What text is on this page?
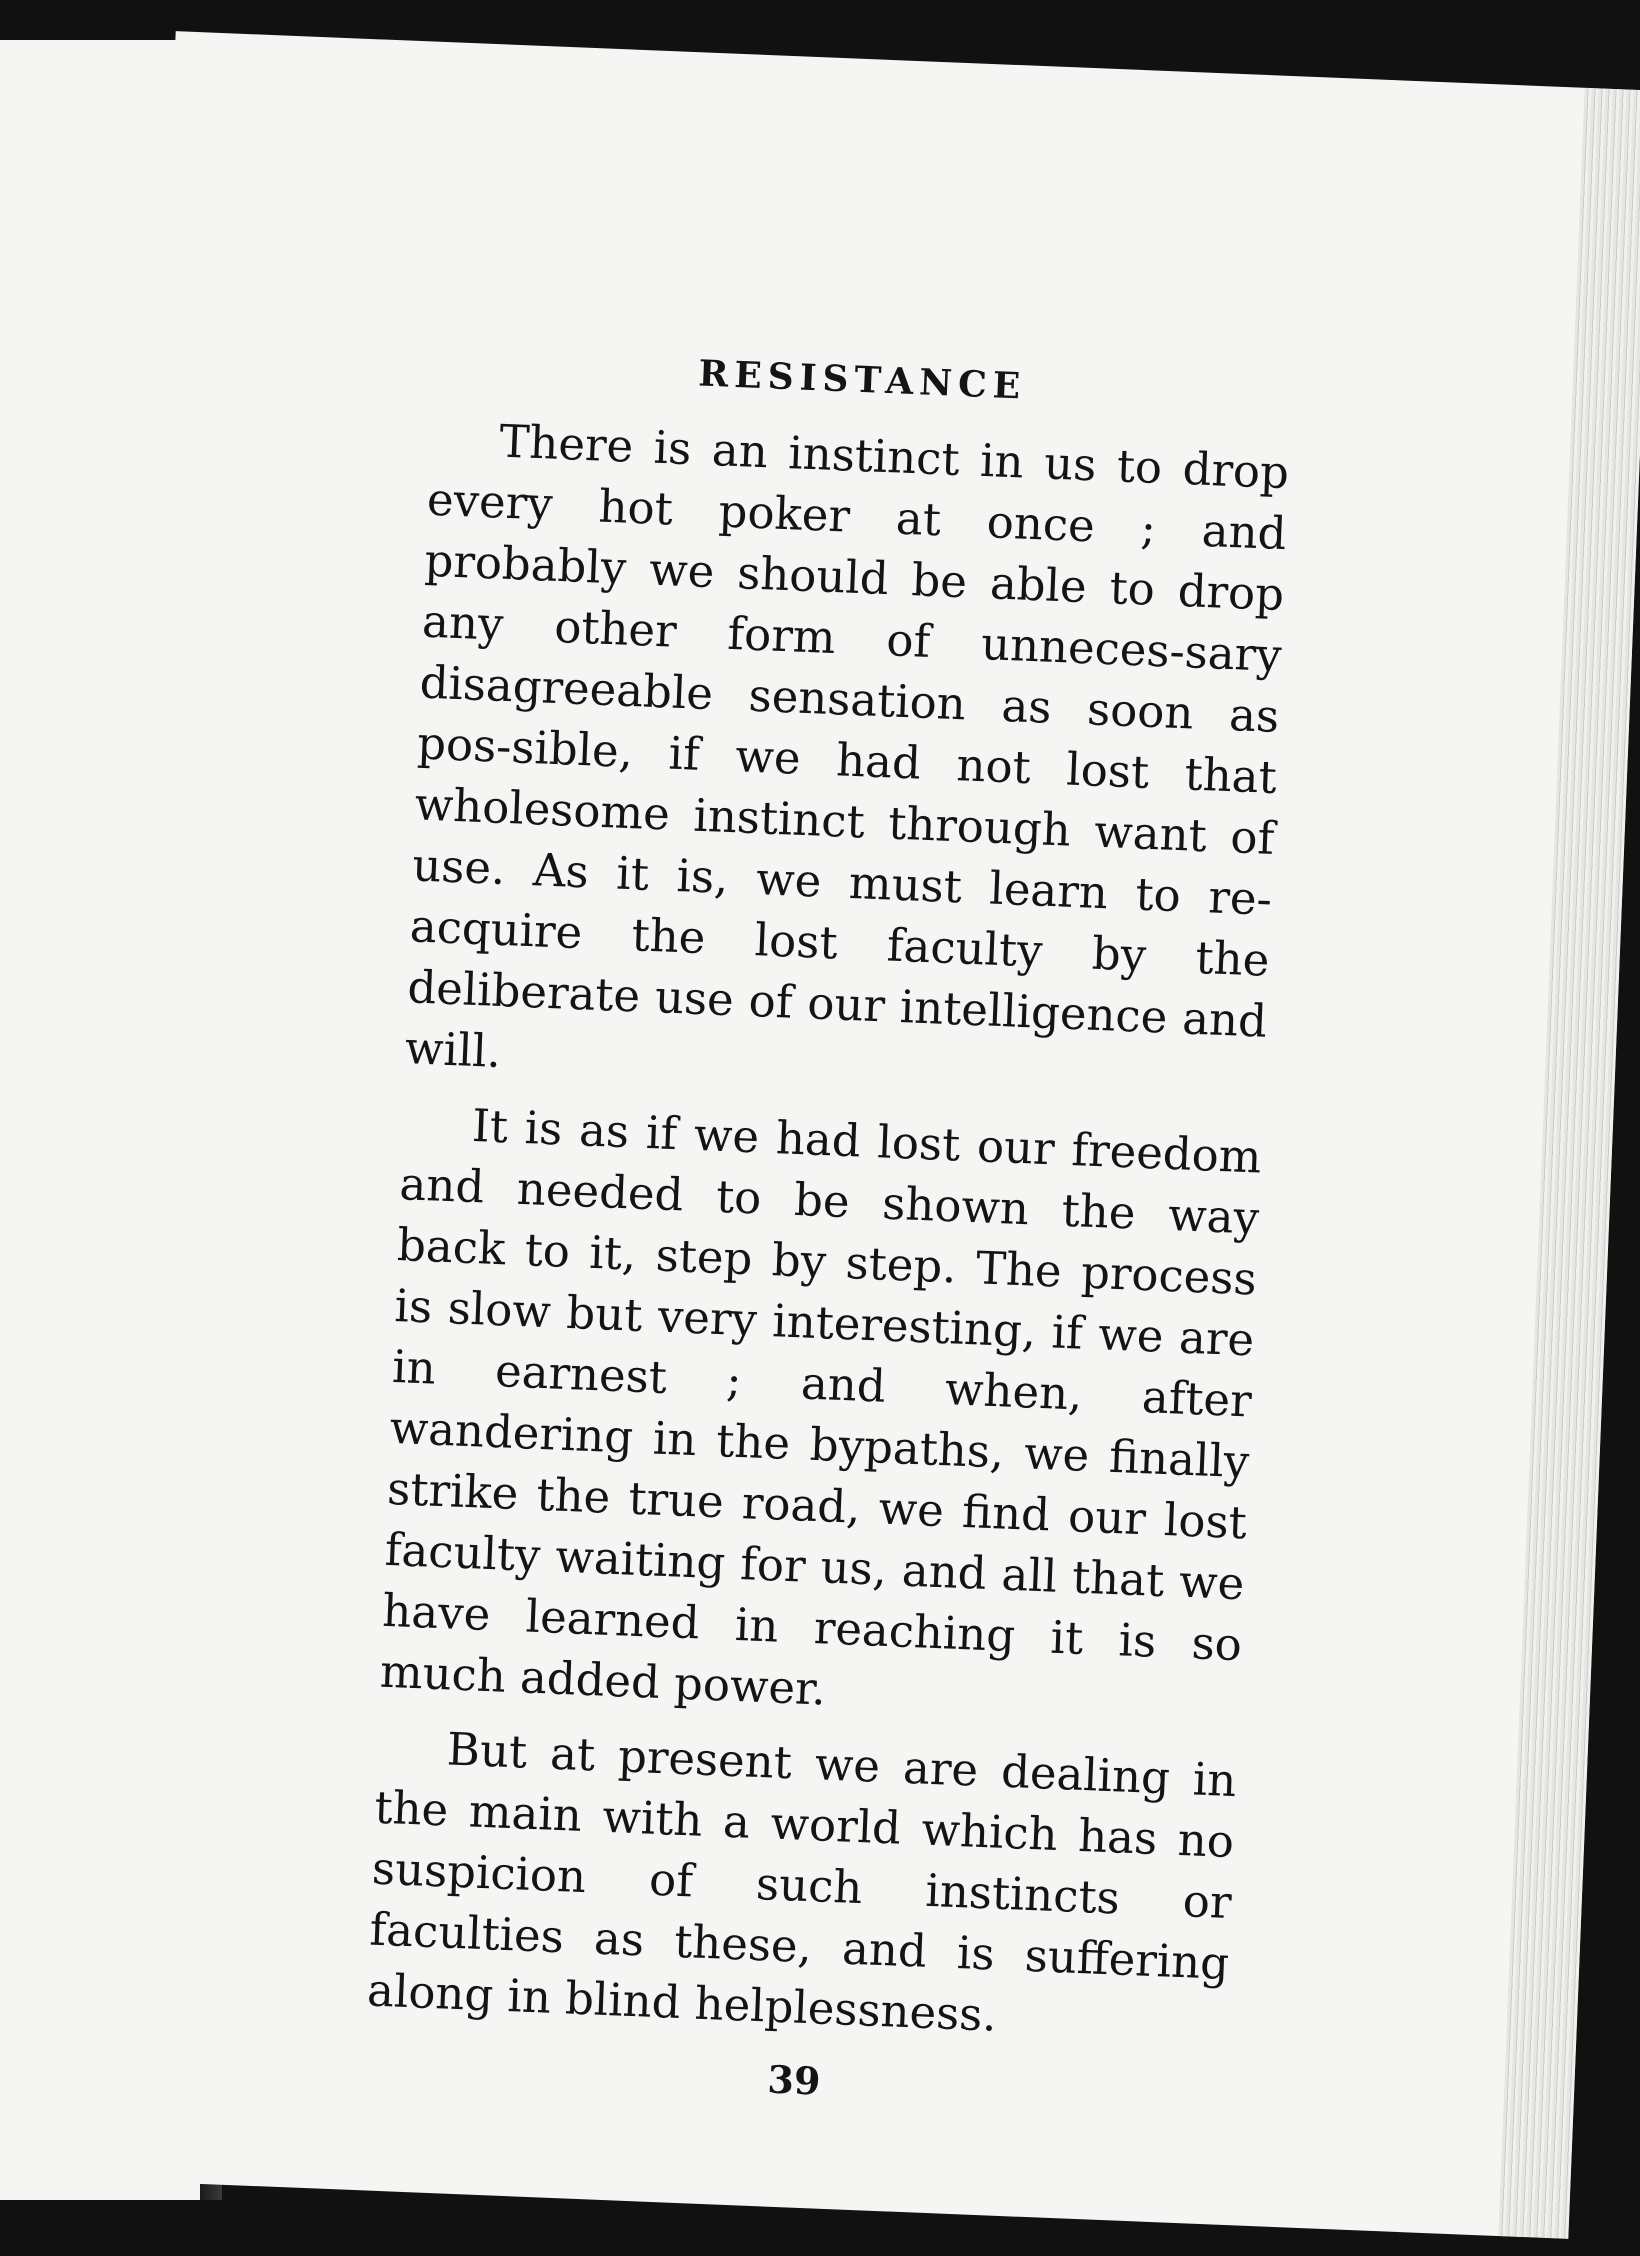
RESISTANCE

There is an instinct in us to drop every hot poker at once ; and probably we should be able to drop any other form of unneces-sary disagreeable sensation as soon as pos-sible, if we had not lost that wholesome instinct through want of use. As it is, we must learn to re-acquire the lost faculty by the deliberate use of our intelligence and will.

It is as if we had lost our freedom and needed to be shown the way back to it, step by step. The process is slow but very interesting, if we are in earnest ; and when, after wandering in the bypaths, we finally strike the true road, we find our lost faculty waiting for us, and all that we have learned in reaching it is so much added power.

But at present we are dealing in the main with a world which has no suspicion of such instincts or faculties as these, and is suffering along in blind helplessness.

39
